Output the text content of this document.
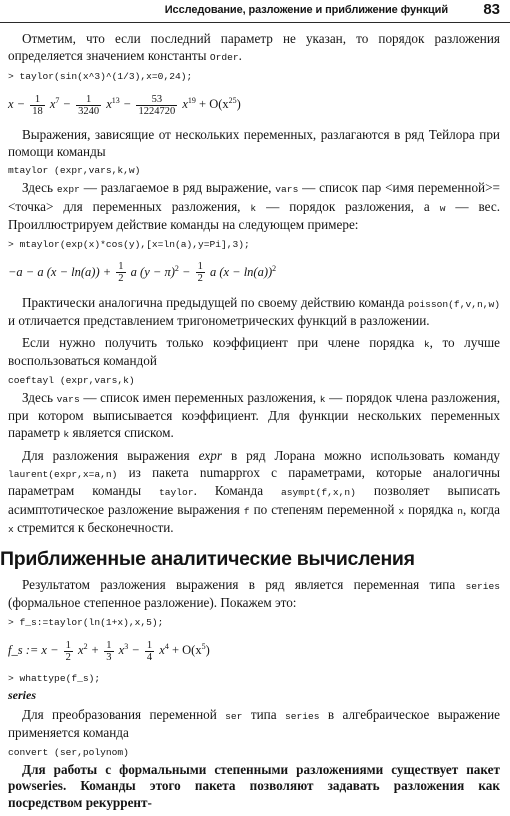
Исследование, разложение и приближение функций 83

Отметим, что если последний параметр не указан, то порядок разложения определяется значением константы Order.

> taylor(sin(x^3)^(1/3),x=0,24);
$x - \frac{1}{18} x^7 - \frac{1}{3240} x^{13} - \frac{53}{1224720} x^{19} + O(x^{25})$

Выражения, зависящие от нескольких переменных, разлагаются в ряд Тейлора при помощи команды

mtaylor (expr,vars,k,w)

Здесь expr — разлагаемое в ряд выражение, vars — список пар <имя переменной>=<точка> для переменных разложения, k — порядок разложения, а w — вес. Проиллюстрируем действие команды на следующем примере:

> mtaylor(exp(x)*cos(y),[x=ln(a),y=Pi],3);
−a − a $(x - \ln(a)) + \frac{1}{2}$ a $(y - \pi)^2 - \frac{1}{2}$ a $(x - \ln(a))^2$

Практически аналогична предыдущей по своему действию команда poisson(f,v,n,w) и отличается представлением тригонометрических функций в разложении.

Если нужно получить только коэффициент при члене порядка k, то лучше воспользоваться командой

coeftayl (expr,vars,k)

Здесь vars — список имен переменных разложения, k — порядок члена разложения, при котором выписывается коэффициент. Для функции нескольких переменных параметр k является списком.

Для разложения выражения expr в ряд Лорана можно использовать команду laurent(expr,x=a,n) из пакета numapprox с параметрами, которые аналогичны параметрам команды taylor. Команда asympt(f,x,n) позволяет выписать асимптотическое разложение выражения f по степеням переменной x порядка n, когда x стремится к бесконечности.

Приближенные аналитические вычисления

Результатом разложения выражения в ряд является переменная типа series (формальное степенное разложение). Покажем это:

> f_s:=taylor(ln(1+x),x,5);
f_s := $x - \frac{1}{2} x^2 + \frac{1}{3} x^3 - \frac{1}{4} x^4 + O(x^5)$
> whattype(f_s);
series

Для преобразования переменной ser типа series в алгебраическое выражение применяется команда

convert (ser,polynom)

Для работы с формальными степенными разложениями существует пакет powseries. Команды этого пакета позволяют задавать разложения как посредством рекуррент-
